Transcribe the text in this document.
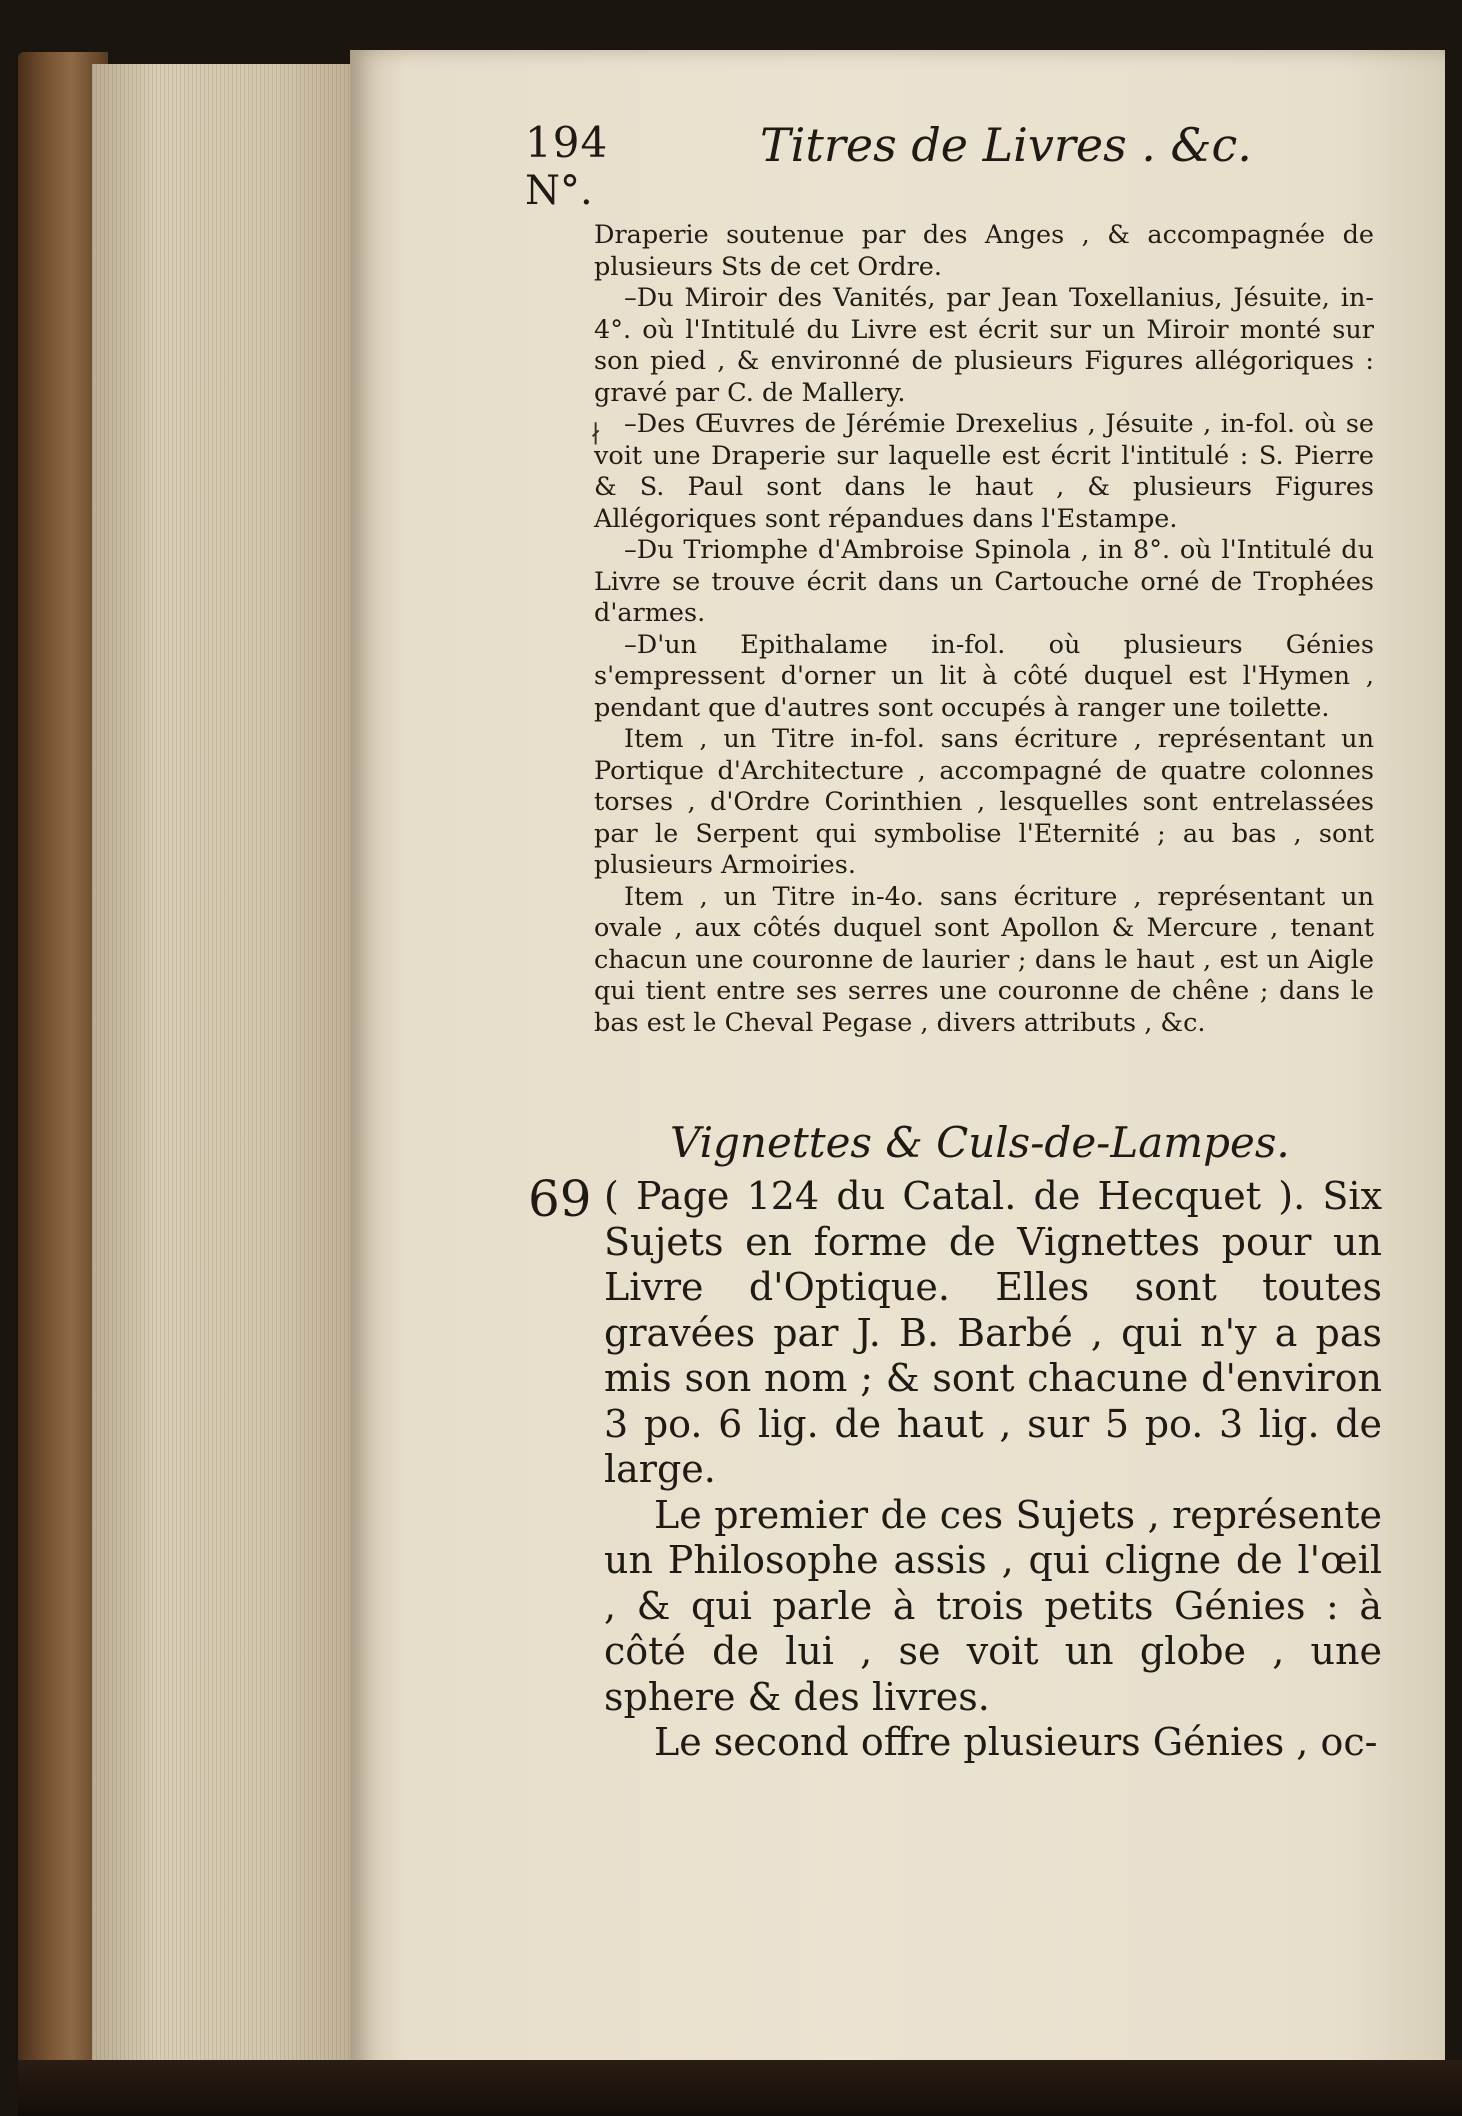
194	Titres de Livres . &c.
N°.

Draperie soutenue par des Anges , & accompagnée de plusieurs Sts de cet Ordre.

–Du Miroir des Vanités, par Jean Toxellanius, Jésuite, in-4°. où l'Intitulé du Livre est écrit sur un Miroir monté sur son pied , & environné de plusieurs Figures allégoriques : gravé par C. de Mallery.

–Des Œuvres de Jérémie Drexelius , Jésuite , in-fol. où se voit une Draperie sur laquelle est écrit l'intitulé : S. Pierre & S. Paul sont dans le haut , & plusieurs Figures Allégoriques sont répandues dans l'Estampe.

–Du Triomphe d'Ambroise Spinola , in 8°. où l'Intitulé du Livre se trouve écrit dans un Cartouche orné de Trophées d'armes.

–D'un Epithalame in-fol. où plusieurs Génies s'empressent d'orner un lit à côté duquel est l'Hymen , pendant que d'autres sont occupés à ranger une toilette.

Item , un Titre in-fol. sans écriture , représentant un Portique d'Architecture , accompagné de quatre colonnes torses , d'Ordre Corinthien , lesquelles sont entrelassées par le Serpent qui symbolise l'Eternité ; au bas , sont plusieurs Armoiries.

Item , un Titre in-4o. sans écriture , représentant un ovale , aux côtés duquel sont Apollon & Mercure , tenant chacun une couronne de laurier ; dans le haut , est un Aigle qui tient entre ses serres une couronne de chêne ; dans le bas est le Cheval Pegase , divers attributs , &c.

∤
Vignettes & Culs-de-Lampes.
69 ( Page 124 du Catal. de Hecquet ). Six Sujets en forme de Vignettes pour un Livre d'Optique. Elles sont toutes gravées par J. B. Barbé , qui n'y a pas mis son nom ; & sont chacune d'environ 3 po. 6 lig. de haut , sur 5 po. 3 lig. de large.

Le premier de ces Sujets , représente un Philosophe assis , qui cligne de l'œil , & qui parle à trois petits Génies : à côté de lui , se voit un globe , une sphere & des livres.

Le second offre plusieurs Génies , oc-
